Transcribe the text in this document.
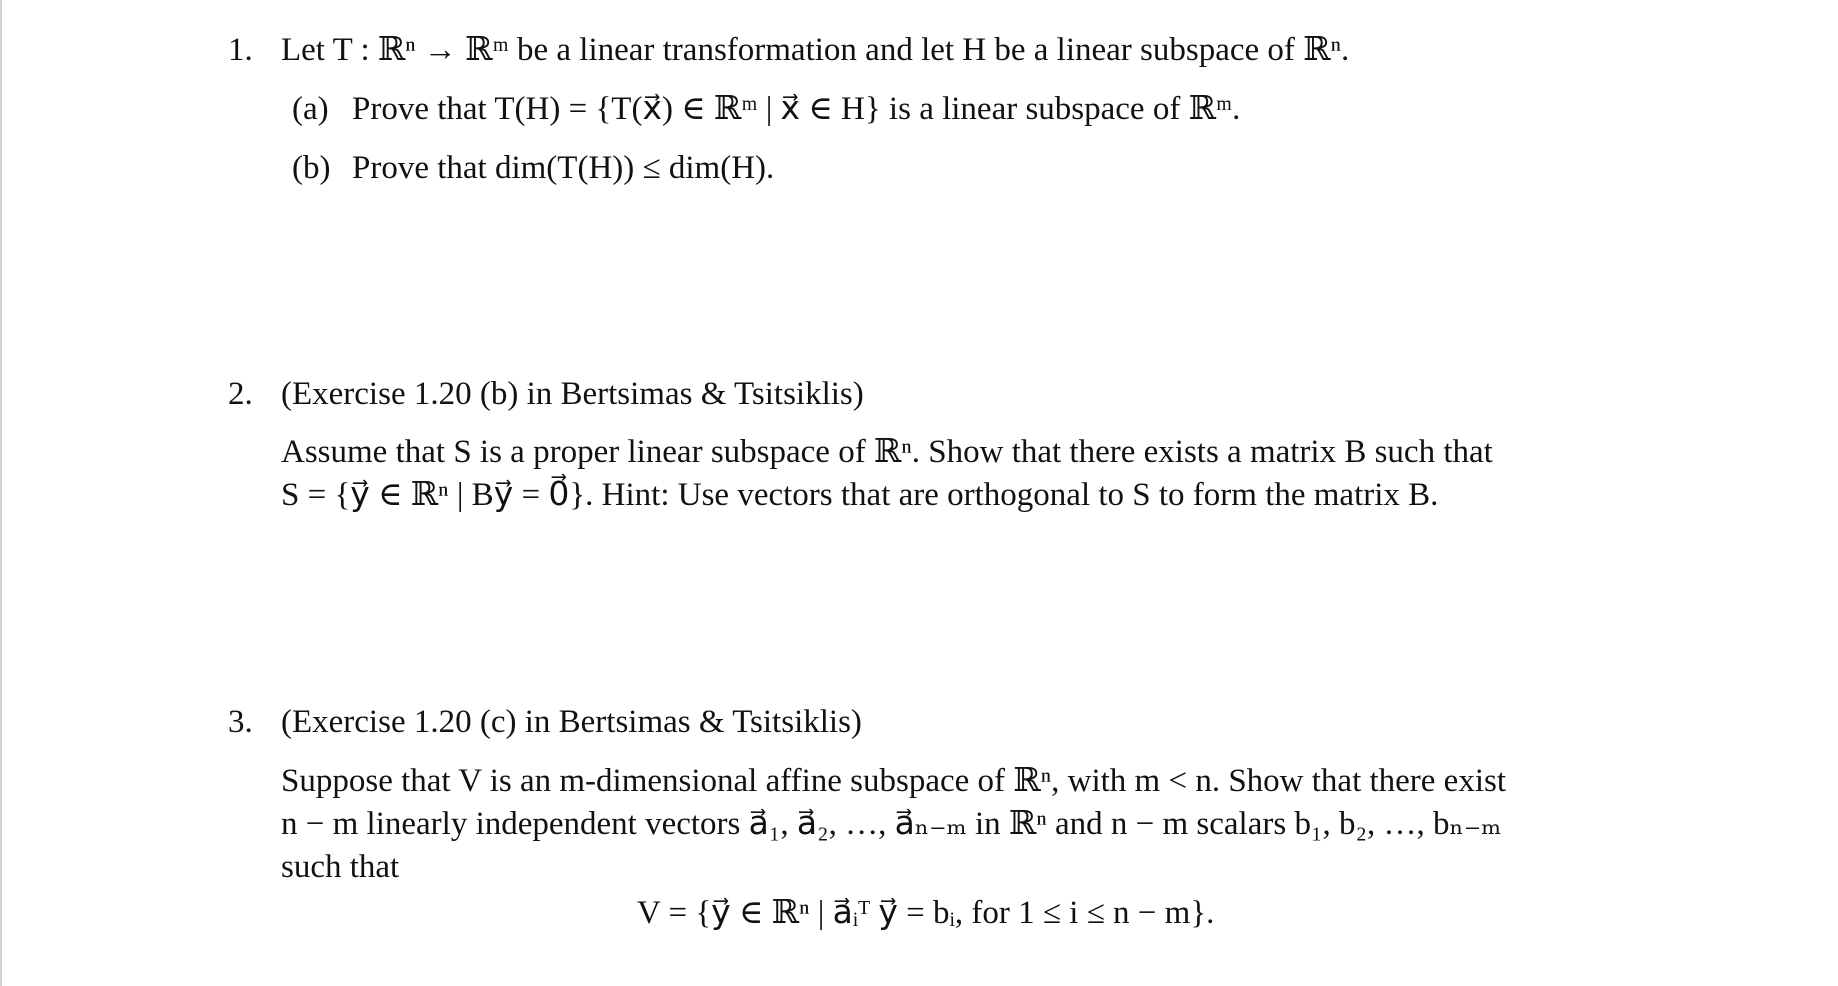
1. Let T : ℝⁿ → ℝᵐ be a linear transformation and let H be a linear subspace of ℝⁿ.
(a) Prove that T(H) = {T(x⃗) ∈ ℝᵐ | x⃗ ∈ H} is a linear subspace of ℝᵐ.
(b) Prove that dim(T(H)) ≤ dim(H).
2. (Exercise 1.20 (b) in Bertsimas & Tsitsiklis)
Assume that S is a proper linear subspace of ℝⁿ. Show that there exists a matrix B such that
S = {y⃗ ∈ ℝⁿ | By⃗ = 0⃗}. Hint: Use vectors that are orthogonal to S to form the matrix B.
3. (Exercise 1.20 (c) in Bertsimas & Tsitsiklis)
Suppose that V is an m-dimensional affine subspace of ℝⁿ, with m < n. Show that there exist
n − m linearly independent vectors a⃗₁, a⃗₂, …, a⃗ₙ₋ₘ in ℝⁿ and n − m scalars b₁, b₂, …, bₙ₋ₘ
such that
V = {y⃗ ∈ ℝⁿ | a⃗ᵢᵀ y⃗ = bᵢ, for 1 ≤ i ≤ n − m}.
